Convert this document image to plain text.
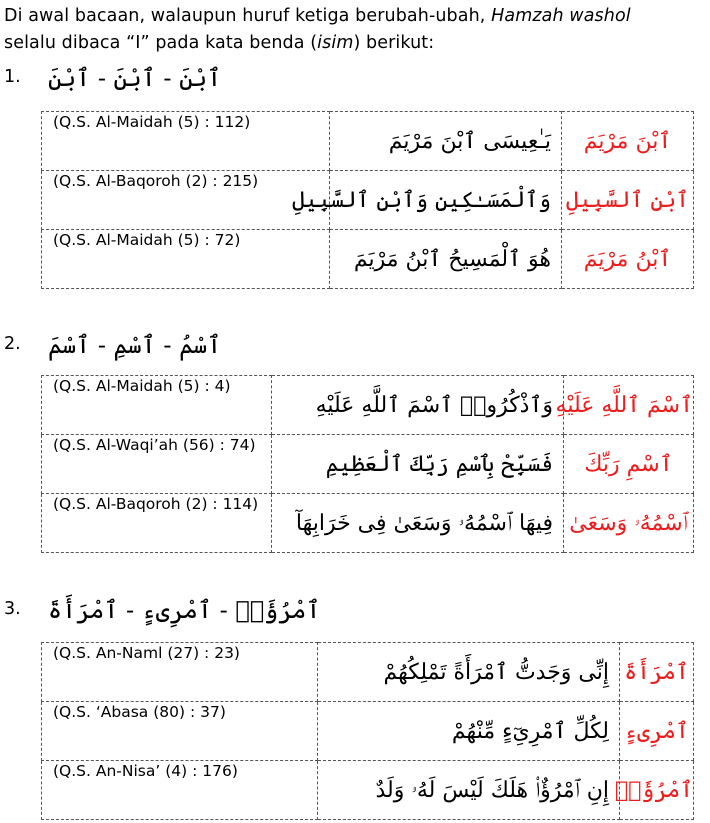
Di awal bacaan, walaupun huruf ketiga berubah-ubah, Hamzah washol
selalu dibaca “I” pada kata benda (isim) berikut:
1. ٱبْنَ - ٱبْنَ - ٱبْنَ
(Q.S. Al-Maidah (5) : 112)	يَـٰعِيسَى ٱبْنَ مَرْيَمَ	ٱبْنَ مَرْيَمَ
(Q.S. Al-Baqoroh (2) : 215)	وَٱلْمَسَـٰكِينِ وَٱبْنِ ٱلسَّبِيلِ	ٱبْنِ ٱلسَّبِيلِ
(Q.S. Al-Maidah (5) : 72)	هُوَ ٱلْمَسِيحُ ٱبْنُ مَرْيَمَ	ٱبْنُ مَرْيَمَ
2. ٱسْمُ - ٱسْمِ - ٱسْمَ
(Q.S. Al-Maidah (5) : 4)	وَٱذْكُرُوا۟ ٱسْمَ ٱللَّهِ عَلَيْهِ	ٱسْمَ ٱللَّهِ عَلَيْهِ
(Q.S. Al-Waqi’ah (56) : 74)	فَسَبِّحْ بِٱسْمِ رَبِّكَ ٱلْعَظِيمِ	ٱسْمِ رَبِّكَ
(Q.S. Al-Baqoroh (2) : 114)	فِيهَا ٱسْمُهُۥ وَسَعَىٰ فِى خَرَابِهَآ	ٱسْمُهُۥ وَسَعَىٰ
3. ٱمْرُؤَا۟ - ٱمْرِىءٍ - ٱمْرَأَةَ
(Q.S. An-Naml (27) : 23)	إِنِّى وَجَدتُّ ٱمْرَأَةً تَمْلِكُهُمْ	ٱمْرَأَةَ
(Q.S. ‘Abasa (80) : 37)	لِكُلِّ ٱمْرِىِٓءٍ مِّنْهُمْ	ٱمْرِىءٍ
(Q.S. An-Nisa’ (4) : 176)	إِنِ ٱمْرُؤٌا۟ هَلَكَ لَيْسَ لَهُۥ وَلَدٌ	ٱمْرُؤَا۟
